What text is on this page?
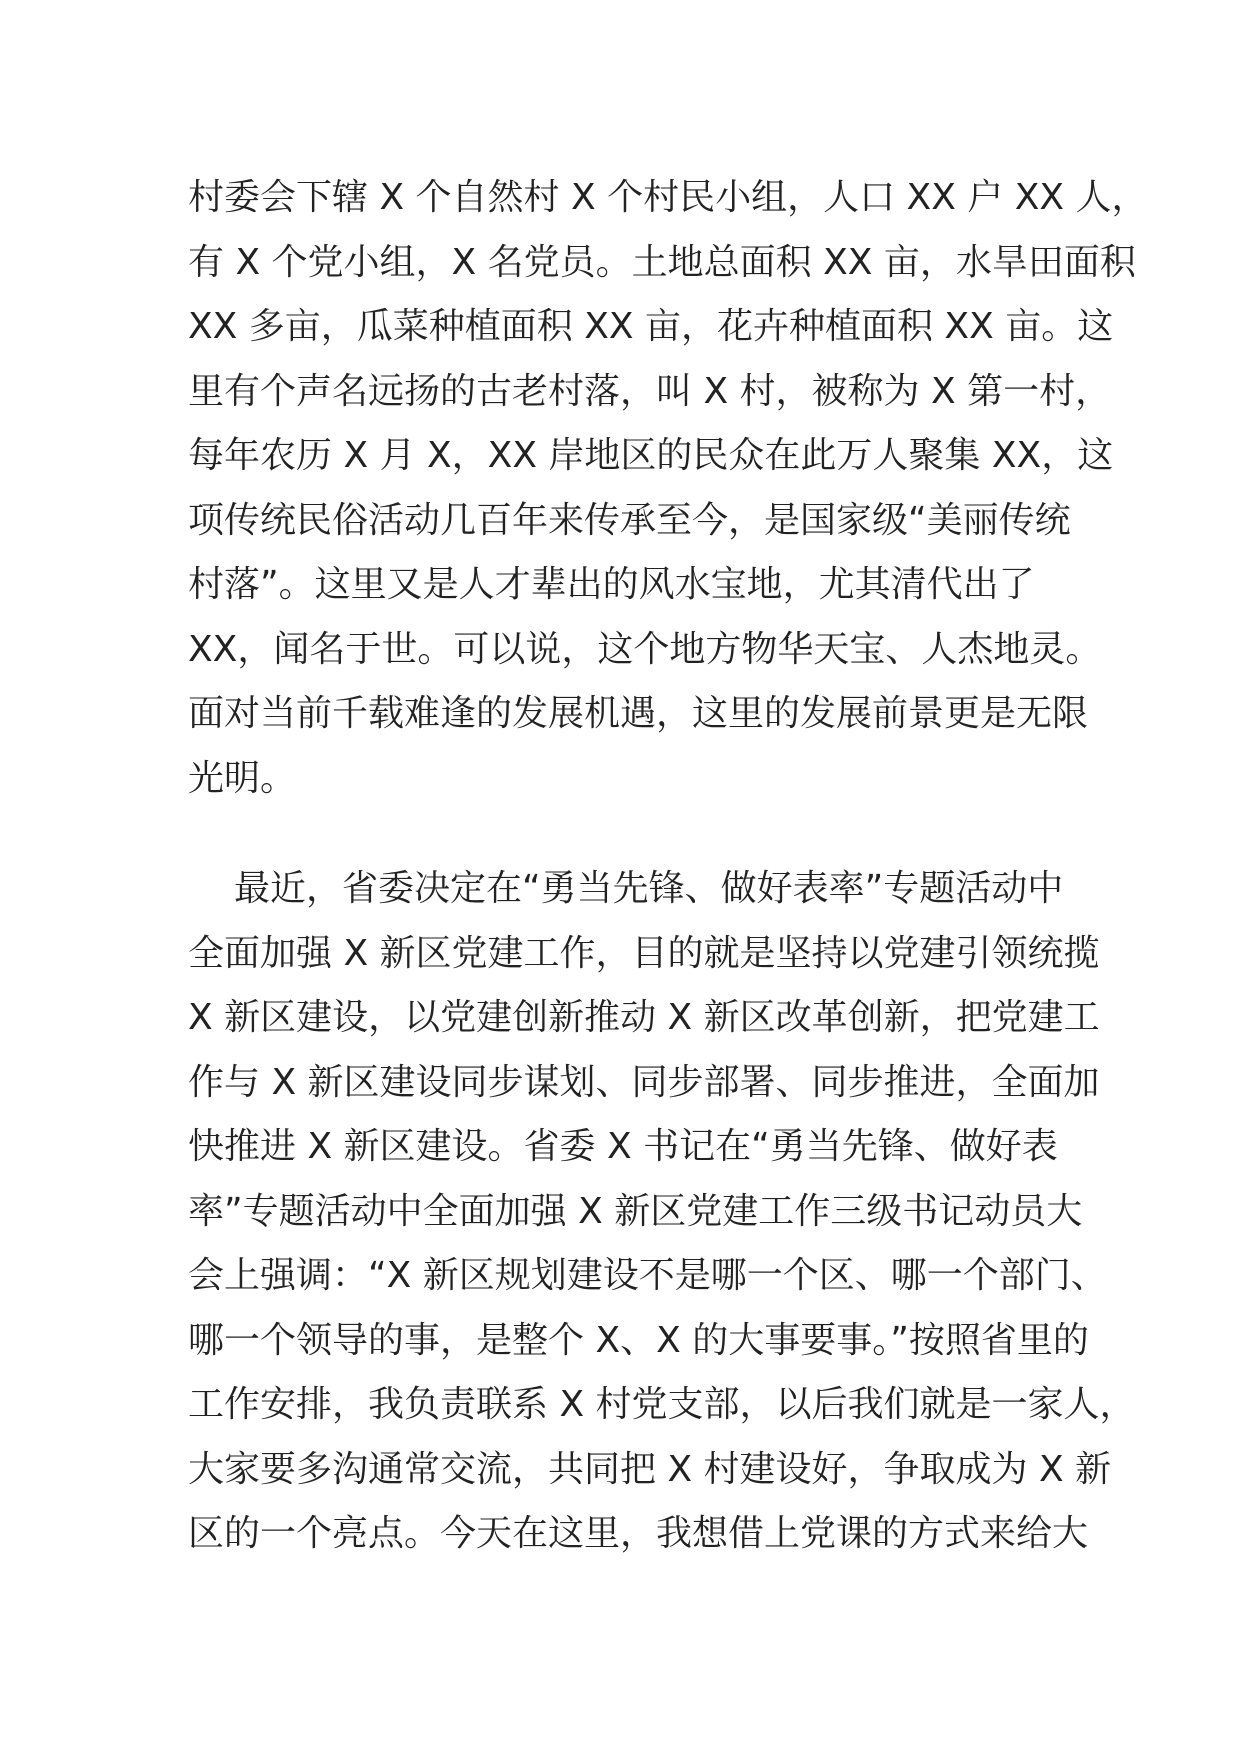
村委会下辖 X 个自然村 X 个村民小组，人口 XX 户 XX 人，
有 X 个党小组，X 名党员。土地总面积 XX 亩，水旱田面积
XX 多亩，瓜菜种植面积 XX 亩，花卉种植面积 XX 亩。这
里有个声名远扬的古老村落，叫 X 村，被称为 X 第一村，
每年农历 X 月 X，XX 岸地区的民众在此万人聚集 XX，这
项传统民俗活动几百年来传承至今，是国家级“美丽传统
村落”。这里又是人才辈出的风水宝地，尤其清代出了
XX，闻名于世。可以说，这个地方物华天宝、人杰地灵。
面对当前千载难逢的发展机遇，这里的发展前景更是无限
光明。
最近，省委决定在“勇当先锋、做好表率”专题活动中
全面加强 X 新区党建工作，目的就是坚持以党建引领统揽
X 新区建设，以党建创新推动 X 新区改革创新，把党建工
作与 X 新区建设同步谋划、同步部署、同步推进，全面加
快推进 X 新区建设。省委 X 书记在“勇当先锋、做好表
率”专题活动中全面加强 X 新区党建工作三级书记动员大
会上强调：“X 新区规划建设不是哪一个区、哪一个部门、
哪一个领导的事，是整个 X、X 的大事要事。”按照省里的
工作安排，我负责联系 X 村党支部，以后我们就是一家人，
大家要多沟通常交流，共同把 X 村建设好，争取成为 X 新
区的一个亮点。今天在这里，我想借上党课的方式来给大
